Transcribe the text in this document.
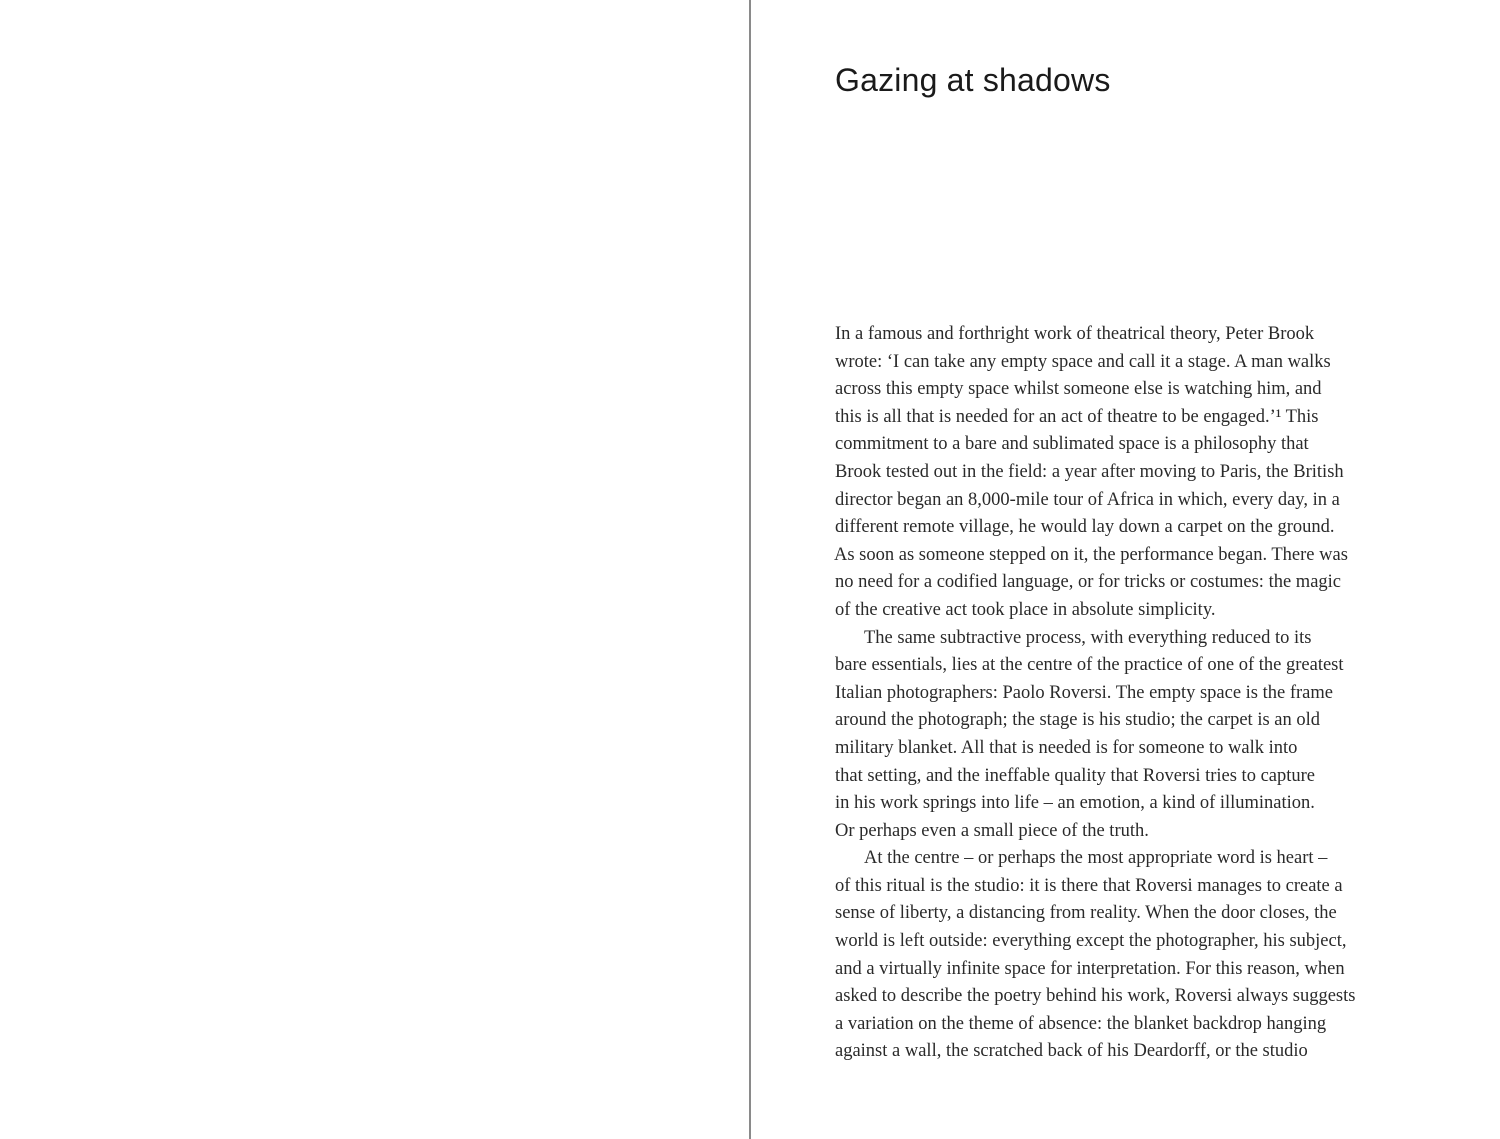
Gazing at shadows
In a famous and forthright work of theatrical theory, Peter Brook
wrote: ‘I can take any empty space and call it a stage. A man walks
across this empty space whilst someone else is watching him, and
this is all that is needed for an act of theatre to be engaged.’¹ This
commitment to a bare and sublimated space is a philosophy that
Brook tested out in the field: a year after moving to Paris, the British
director began an 8,000-mile tour of Africa in which, every day, in a
different remote village, he would lay down a carpet on the ground.
As soon as someone stepped on it, the performance began. There was
no need for a codified language, or for tricks or costumes: the magic
of the creative act took place in absolute simplicity.
The same subtractive process, with everything reduced to its
bare essentials, lies at the centre of the practice of one of the greatest
Italian photographers: Paolo Roversi. The empty space is the frame
around the photograph; the stage is his studio; the carpet is an old
military blanket. All that is needed is for someone to walk into
that setting, and the ineffable quality that Roversi tries to capture
in his work springs into life – an emotion, a kind of illumination.
Or perhaps even a small piece of the truth.
At the centre – or perhaps the most appropriate word is heart –
of this ritual is the studio: it is there that Roversi manages to create a
sense of liberty, a distancing from reality. When the door closes, the
world is left outside: everything except the photographer, his subject,
and a virtually infinite space for interpretation. For this reason, when
asked to describe the poetry behind his work, Roversi always suggests
a variation on the theme of absence: the blanket backdrop hanging
against a wall, the scratched back of his Deardorff, or the studio
